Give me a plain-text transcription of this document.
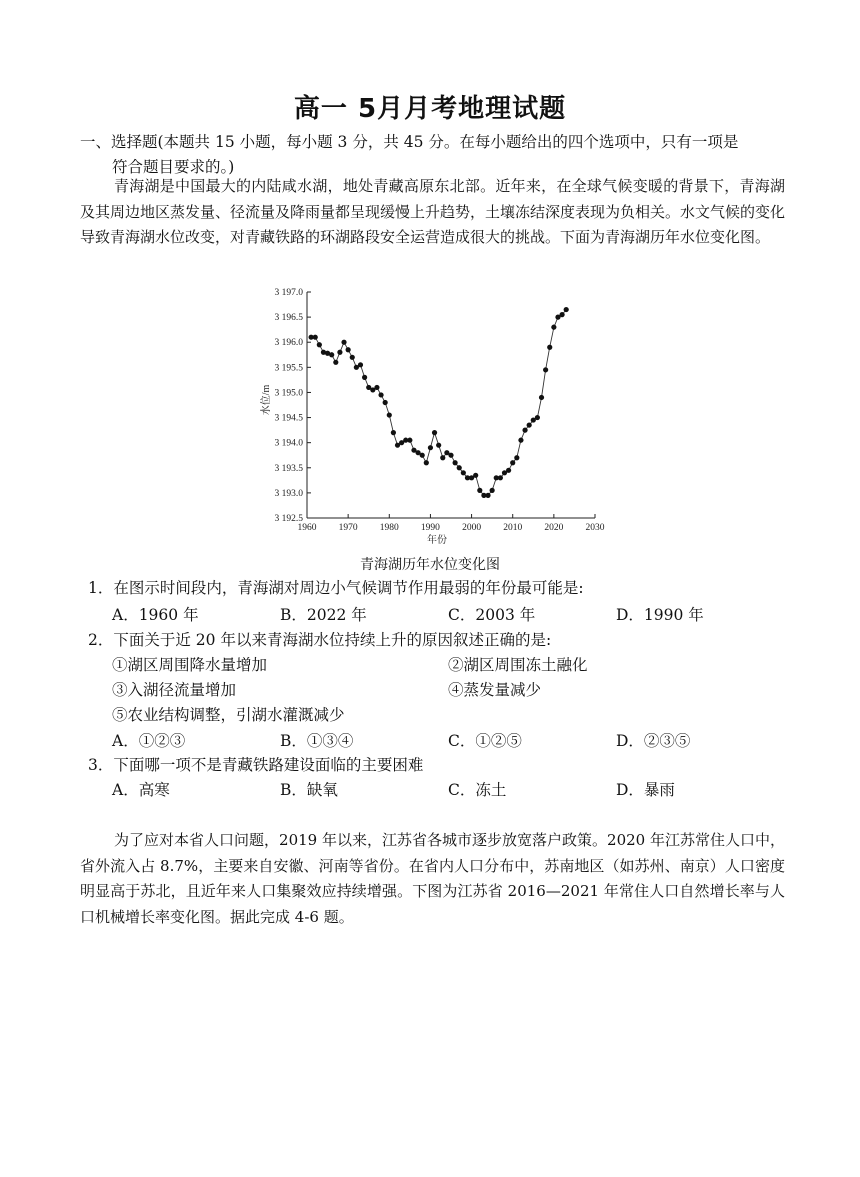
高一 5月月考地理试题
一、选择题(本题共 15 小题，每小题 3 分，共 45 分。在每小题给出的四个选项中，只有一项是
符合题目要求的。)
青海湖是中国最大的内陆咸水湖，地处青藏高原东北部。近年来，在全球气候变暖的背景下，青海湖及其周边地区蒸发量、径流量及降雨量都呈现缓慢上升趋势，土壤冻结深度表现为负相关。水文气候的变化导致青海湖水位改变，对青藏铁路的环湖路段安全运营造成很大的挑战。下面为青海湖历年水位变化图。
3 192.5
3 193.0
3 193.5
3 194.0
3 194.5
3 195.0
3 195.5
3 196.0
3 196.5
3 197.0
1960 1970 1980 1990 2000 2010 2020 2030
年份
水位/m
青海湖历年水位变化图
1．在图示时间段内，青海湖对周边小气候调节作用最弱的年份最可能是:
A．1960 年	B．2022 年	C．2003 年	D．1990 年
2．下面关于近 20 年以来青海湖水位持续上升的原因叙述正确的是:
①湖区周围降水量增加	②湖区周围冻土融化
③入湖径流量增加	④蒸发量减少
⑤农业结构调整，引湖水灌溉减少
A．①②③	B．①③④	C．①②⑤	D．②③⑤
3．下面哪一项不是青藏铁路建设面临的主要困难
A．高寒	B．缺氧	C．冻土	D．暴雨
为了应对本省人口问题，2019 年以来，江苏省各城市逐步放宽落户政策。2020 年江苏常住人口中，省外流入占 8.7%，主要来自安徽、河南等省份。在省内人口分布中，苏南地区（如苏州、南京）人口密度明显高于苏北，且近年来人口集聚效应持续增强。下图为江苏省 2016—2021 年常住人口自然增长率与人口机械增长率变化图。据此完成 4-6 题。
